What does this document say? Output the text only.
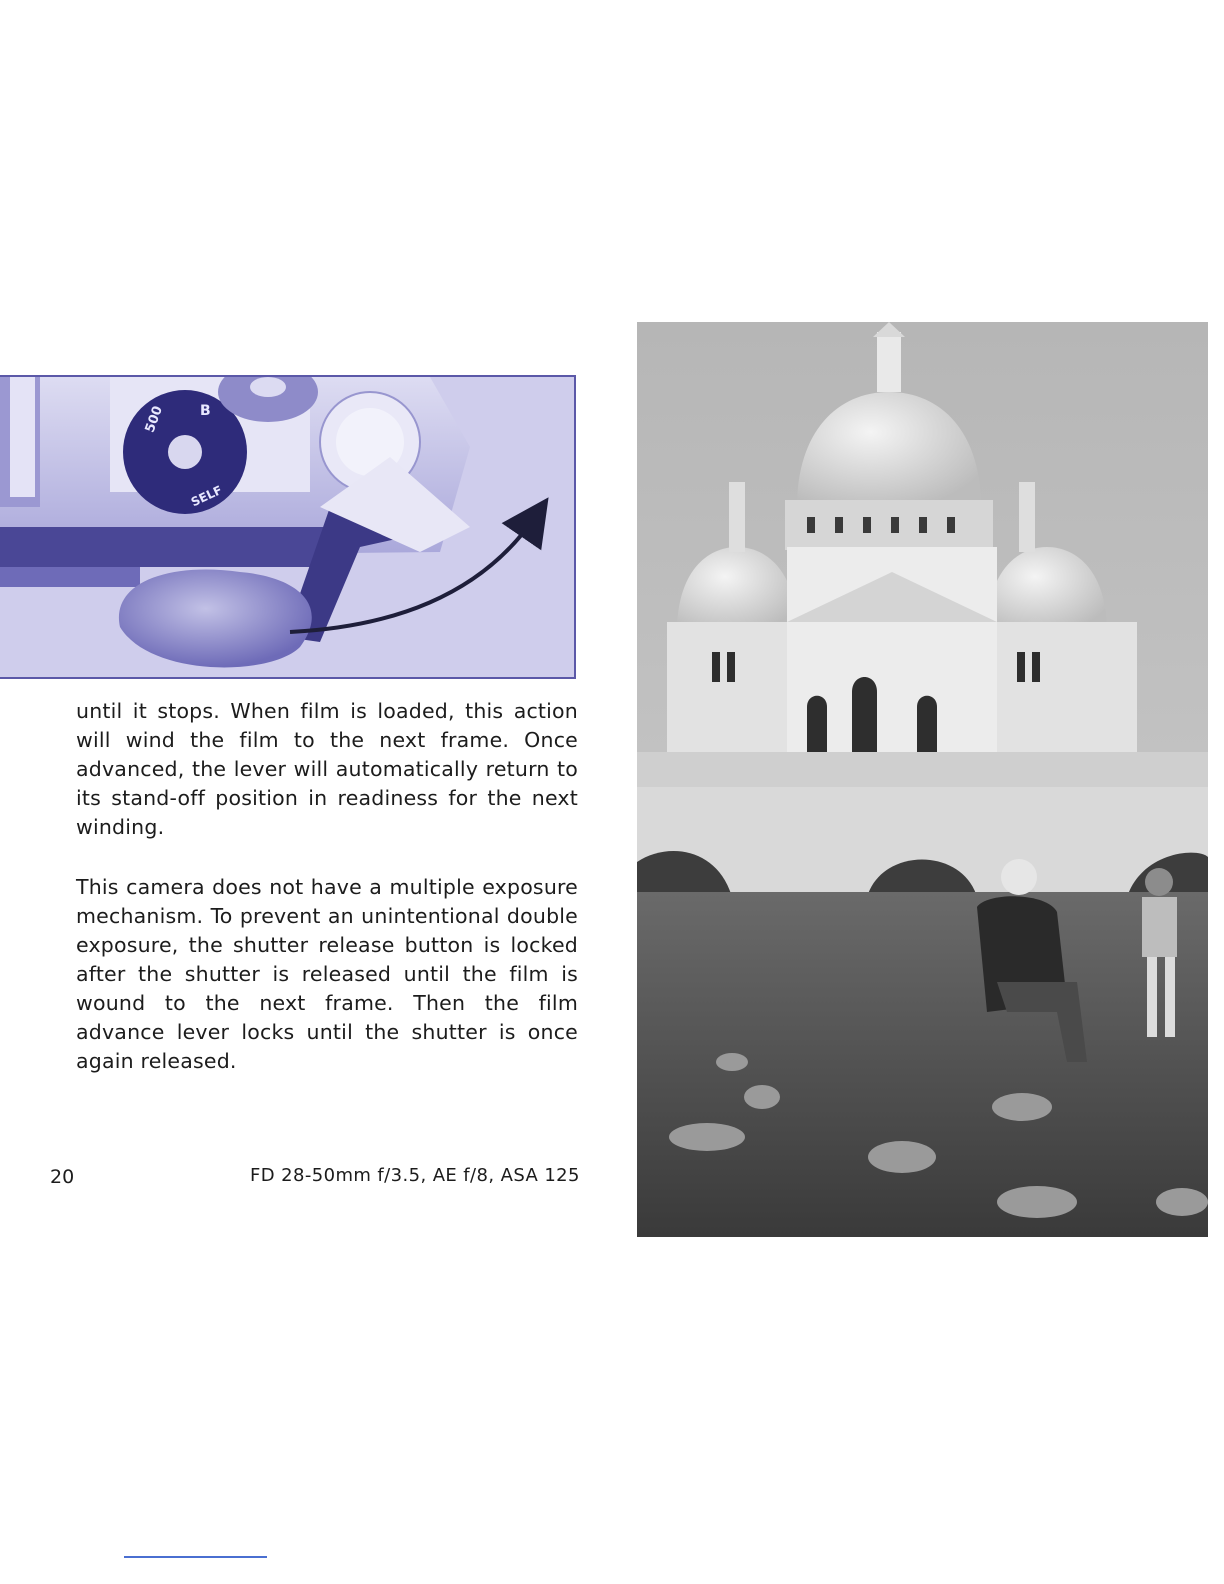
B
500
SELF

until it stops. When film is loaded, this action will wind the film to the next frame. Once advanced, the lever will automatically return to its stand-off position in readiness for the next winding.

This camera does not have a multiple exposure mechanism. To prevent an unintentional double exposure, the shutter release button is locked after the shutter is released until the film is wound to the next frame. Then the film advance lever locks until the shutter is once again released.

20	FD 28-50mm f/3.5, AE f/8, ASA 125
